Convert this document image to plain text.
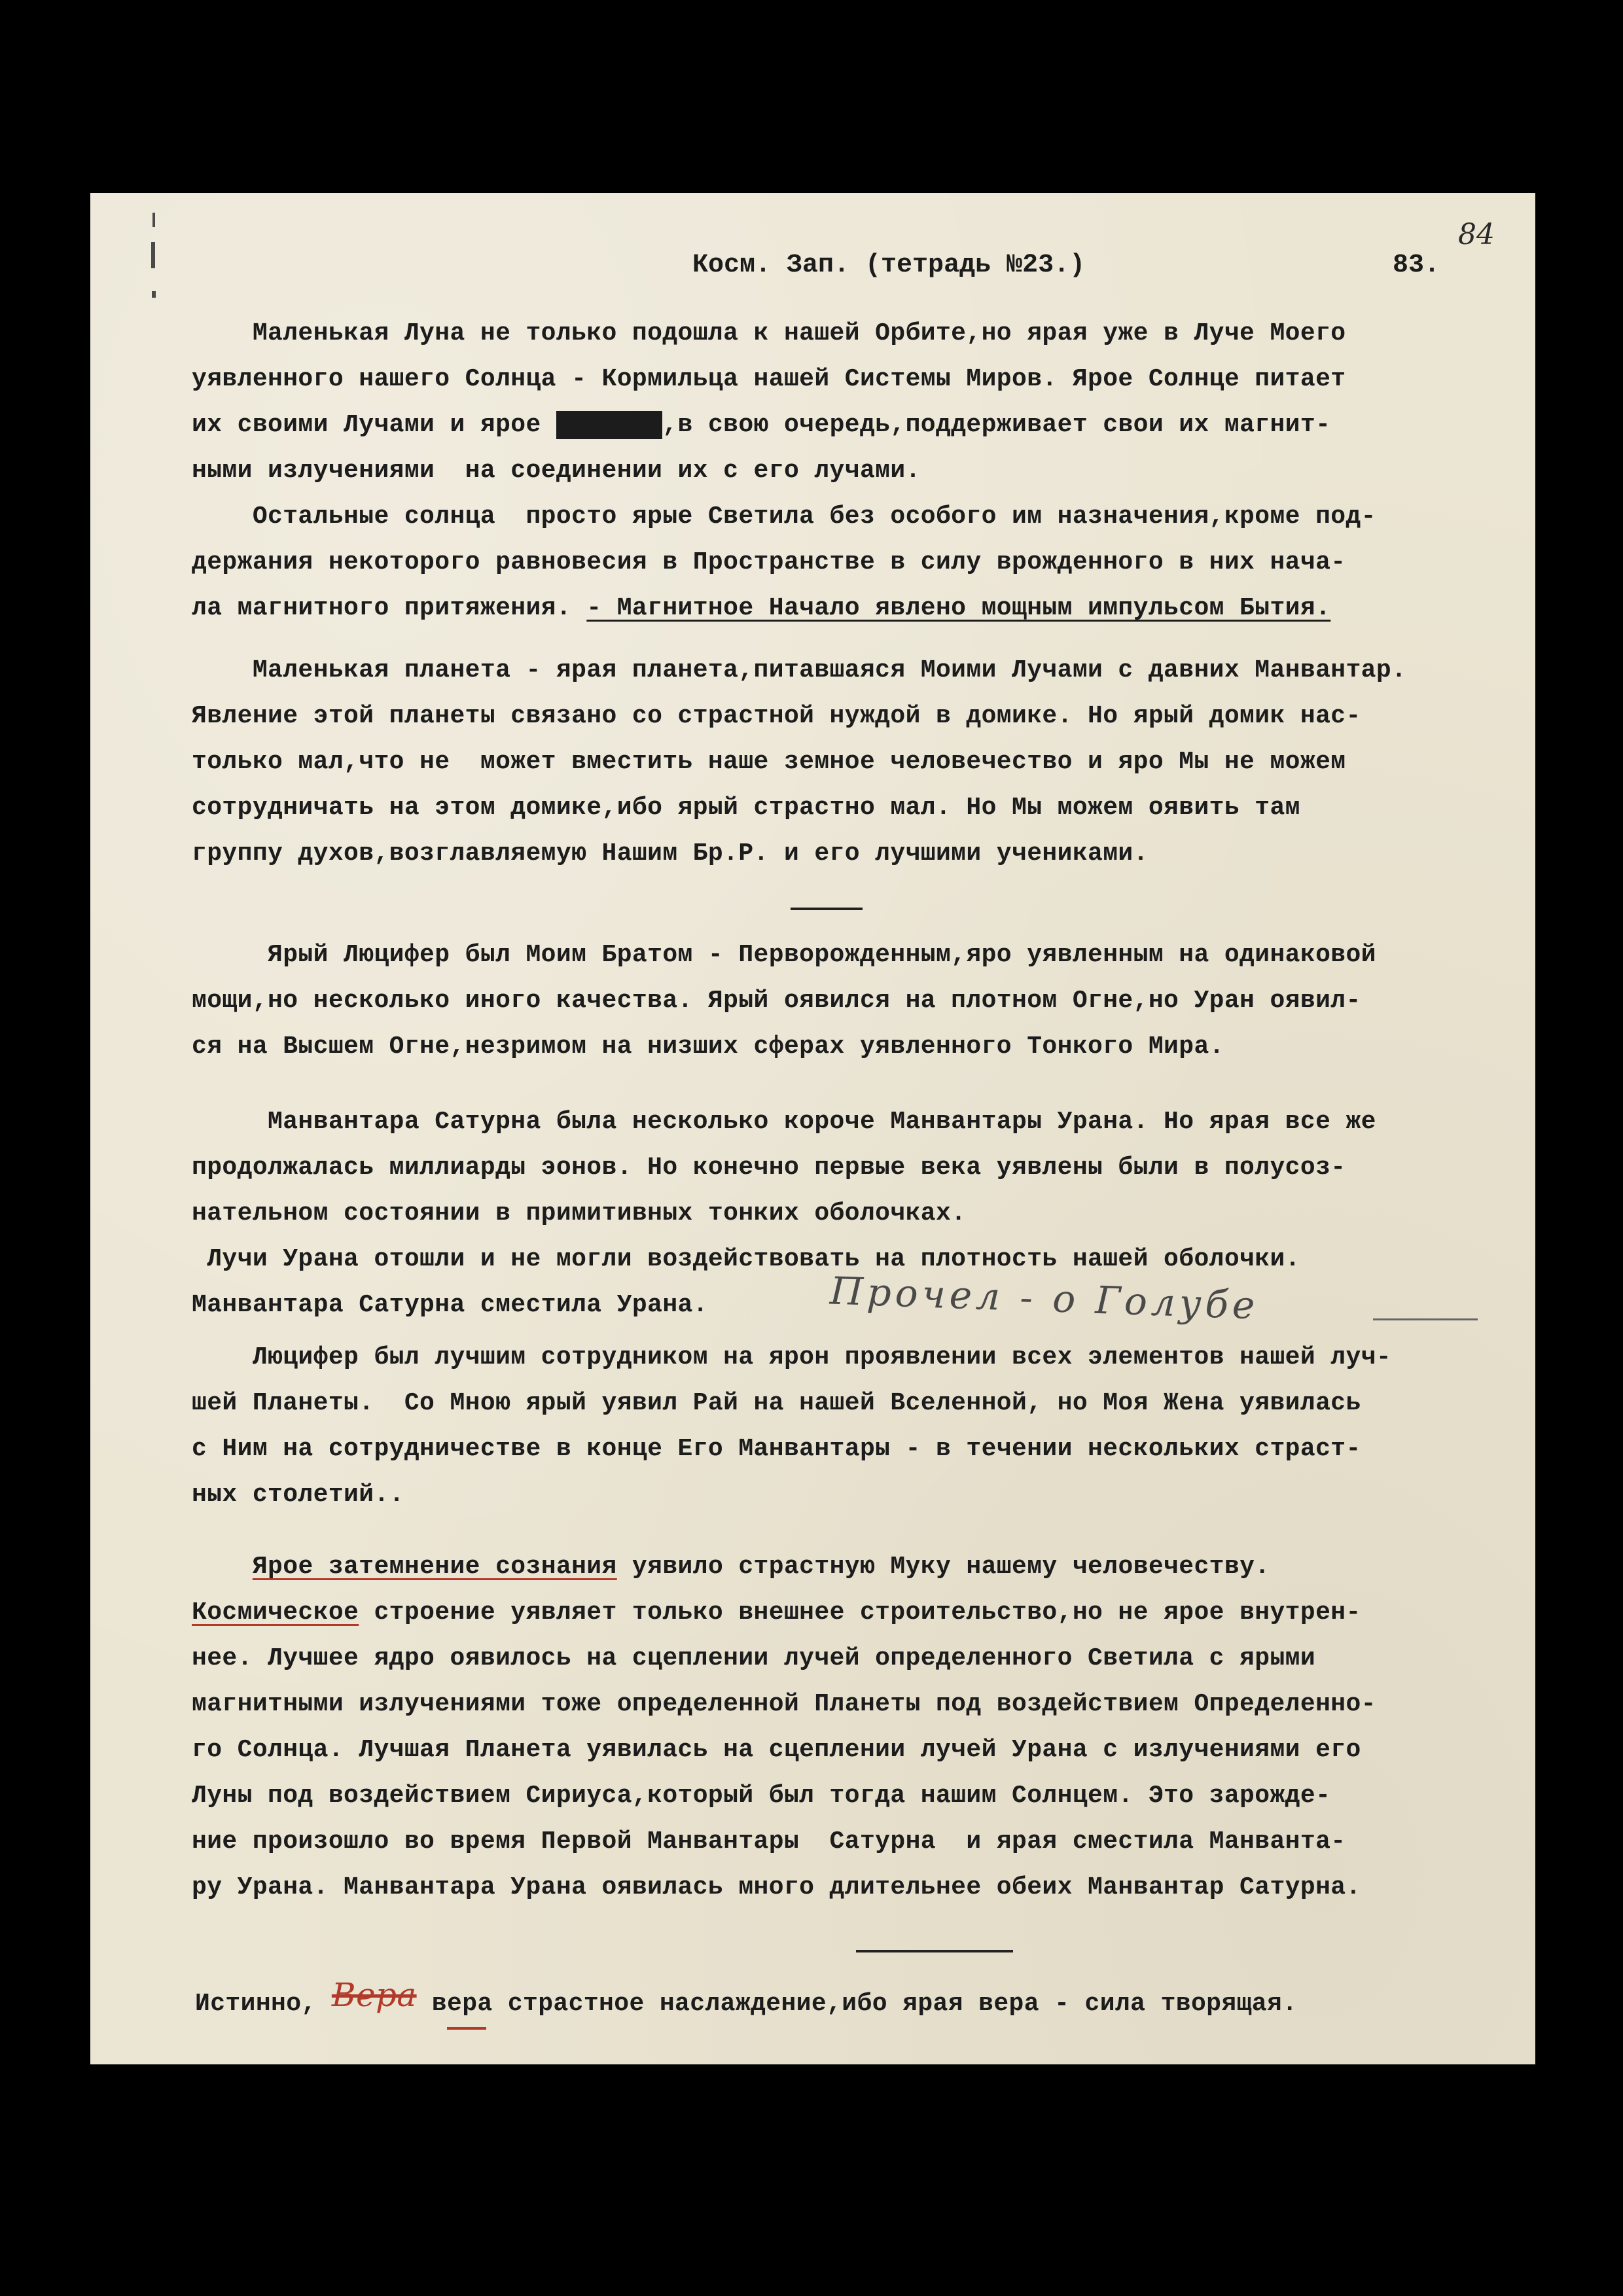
Косм. Зап. (тетрадь №23.)	83.
84
Маленькая Луна не только подошла к нашей Орбите,но ярая уже в Луче Моего
уявленного нашего Солнца - Кормильца нашей Системы Миров. Ярое Солнце питает
их своими Лучами и ярое xxxxxxx,в свою очередь,поддерживает свои их магнит-
ными излучениями  на соединении их с его лучами.
Остальные солнца  просто ярые Светила без особого им назначения,кроме под-
держания некоторого равновесия в Пространстве в силу врожденного в них нача-
ла магнитного притяжения. - Магнитное Начало явлено мощным импульсом Бытия.
Маленькая планета - ярая планета,питавшаяся Моими Лучами с давних Манвантар.
Явление этой планеты связано со страстной нуждой в домике. Но ярый домик нас-
только мал,что не  может вместить наше земное человечество и яро Мы не можем
сотрудничать на этом домике,ибо ярый страстно мал. Но Мы можем оявить там
группу духов,возглавляемую Нашим Бр.Р. и его лучшими учениками.
Ярый Люцифер был Моим Братом - Перворожденным,яро уявленным на одинаковой
мощи,но несколько иного качества. Ярый оявился на плотном Огне,но Уран оявил-
ся на Высшем Огне,незримом на низших сферах уявленного Тонкого Мира.
Манвантара Сатурна была несколько короче Манвантары Урана. Но ярая все же
продолжалась миллиарды эонов. Но конечно первые века уявлены были в полусоз-
нательном состоянии в примитивных тонких оболочках.
Лучи Урана отошли и не могли воздействовать на плотность нашей оболочки.
Манвантара Сатурна сместила Урана.	Прочел - о Голубе
Люцифер был лучшим сотрудником на ярон проявлении всех элементов нашей луч-
шей Планеты.  Со Мною ярый уявил Рай на нашей Вселенной, но Моя Жена уявилась
с Ним на сотрудничестве в конце Его Манвантары - в течении нескольких страст-
ных столетий..
Ярое затемнение сознания уявило страстную Муку нашему человечеству.
Космическое строение уявляет только внешнее строительство,но не ярое внутрен-
нее. Лучшее ядро оявилось на сцеплении лучей определенного Светила с ярыми
магнитными излучениями тоже определенной Планеты под воздействием Определенно-
го Солнца. Лучшая Планета уявилась на сцеплении лучей Урана с излучениями его
Луны под воздействием Сириуса,который был тогда нашим Солнцем. Это зарожде-
ние произошло во время Первой Манвантары  Сатурна  и ярая сместила Манванта-
ру Урана. Манвантара Урана оявилась много длительнее обеих Манвантар Сатурна.
Истинно, Вера вера страстное наслаждение,ибо ярая вера - сила творящая.
